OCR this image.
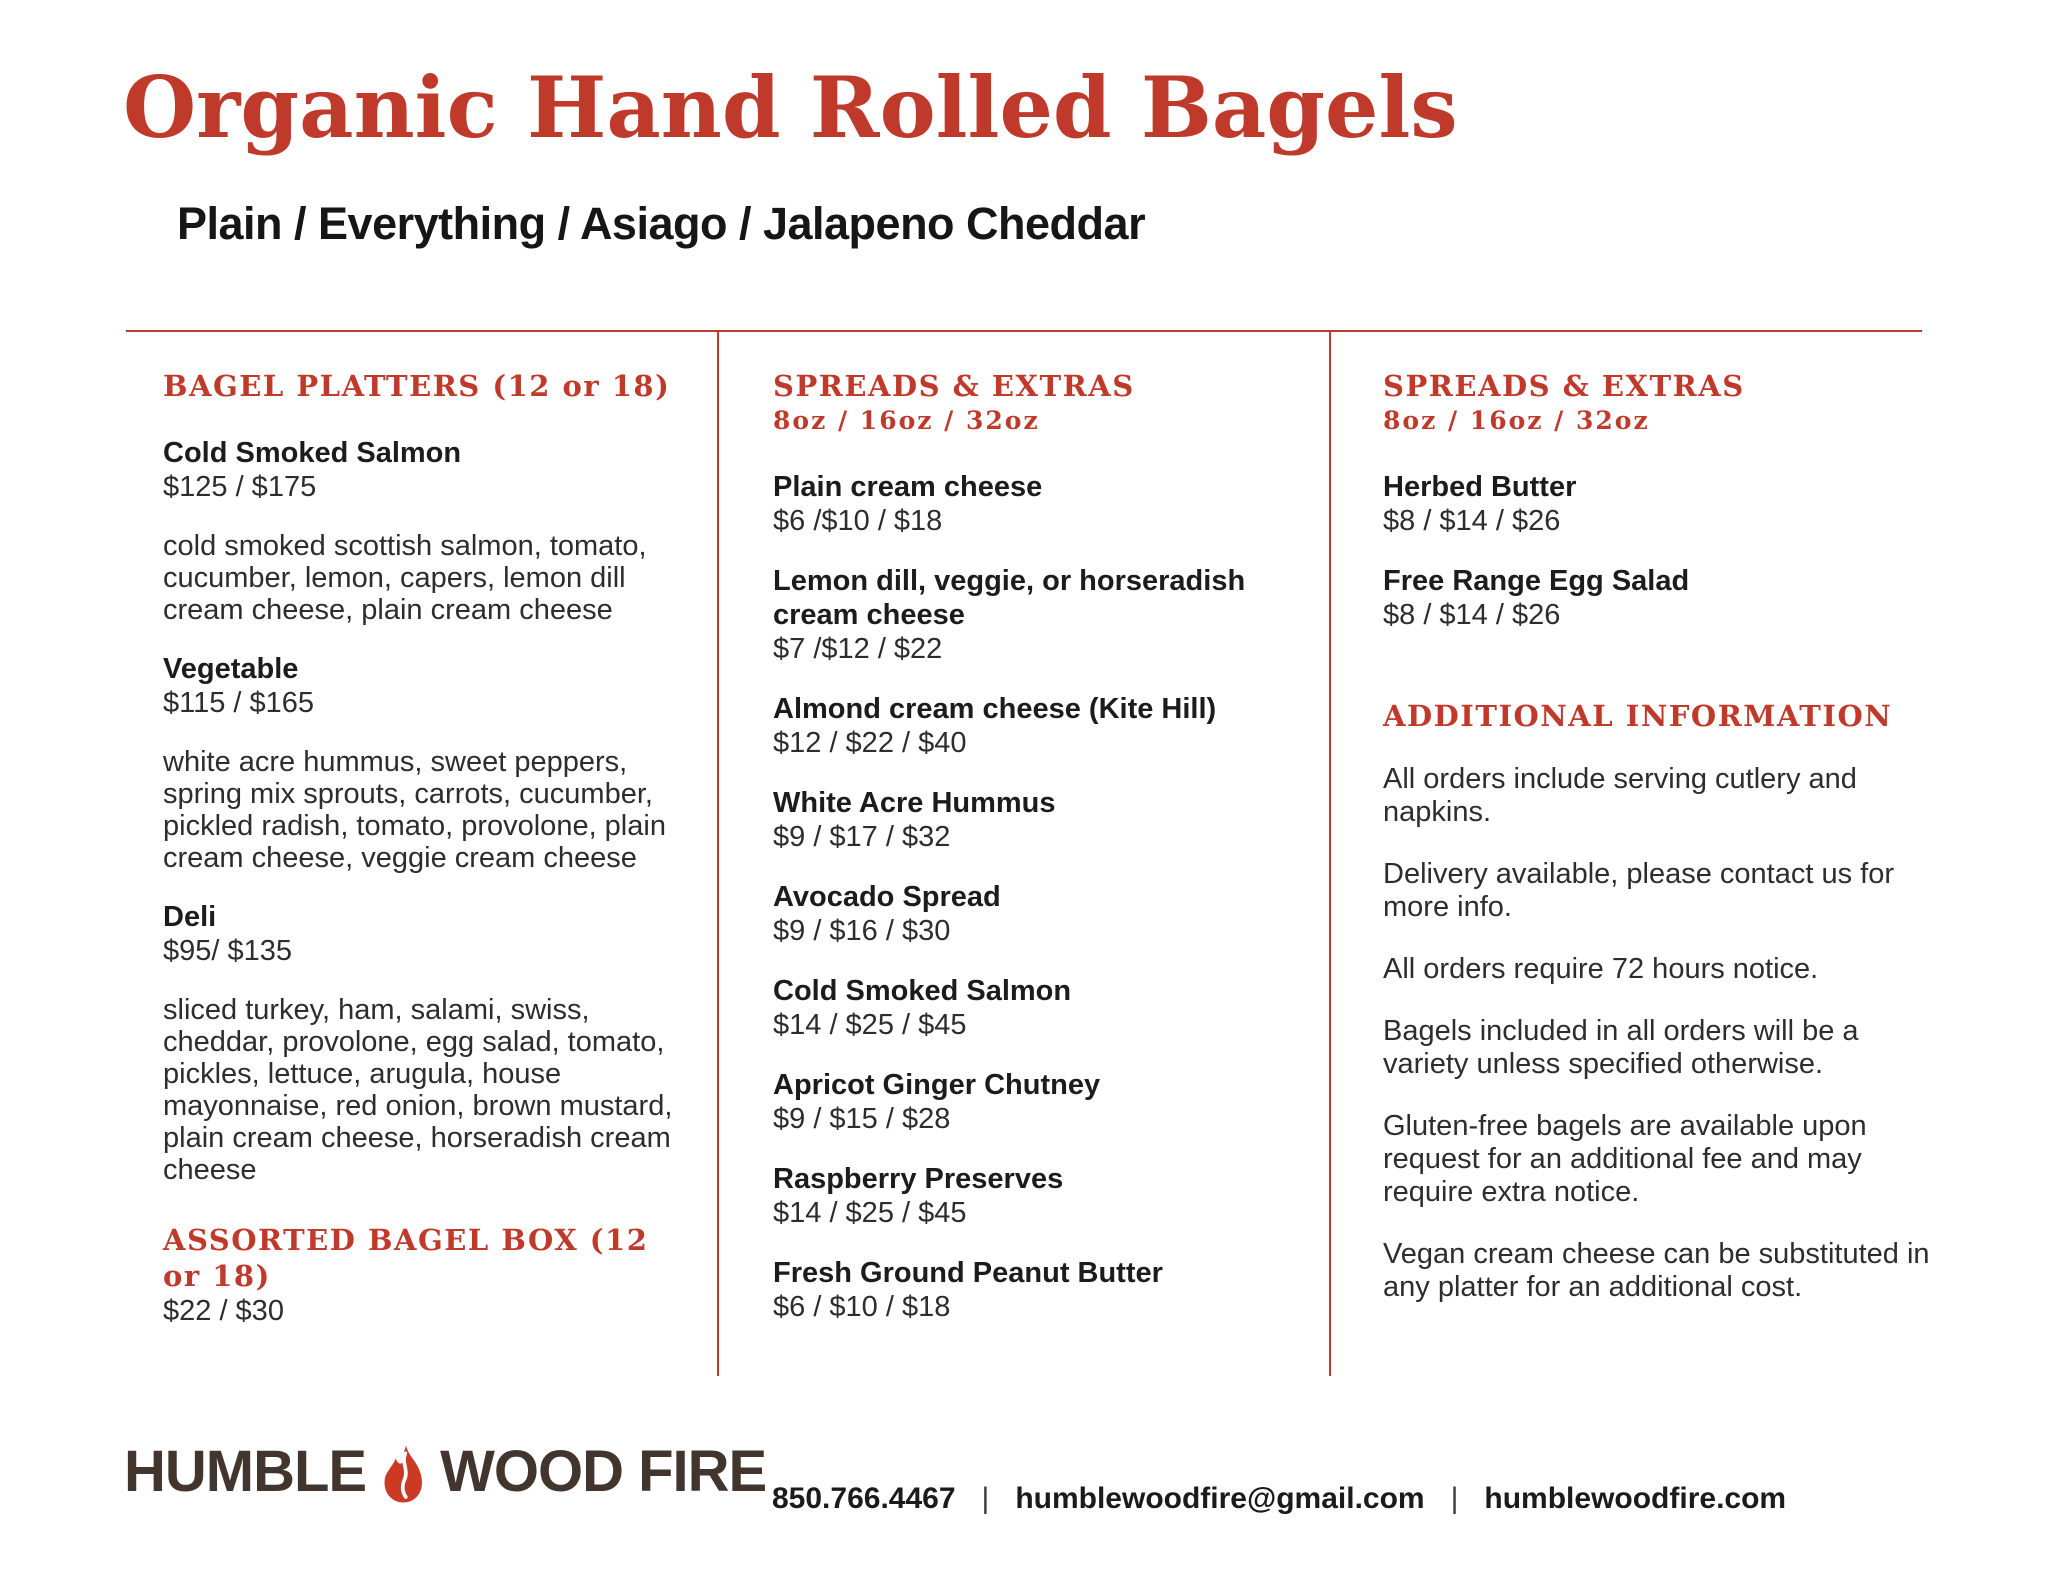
Organic Hand Rolled Bagels
Plain / Everything / Asiago / Jalapeno Cheddar
BAGEL PLATTERS (12 or 18)
Cold Smoked Salmon
$125 / $175
cold smoked scottish salmon, tomato, cucumber, lemon, capers, lemon dill cream cheese, plain cream cheese
Vegetable
$115 / $165
white acre hummus, sweet peppers, spring mix sprouts, carrots, cucumber, pickled radish, tomato, provolone, plain cream cheese, veggie cream cheese
Deli
$95/ $135
sliced turkey, ham, salami, swiss, cheddar, provolone, egg salad, tomato, pickles, lettuce, arugula, house mayonnaise, red onion, brown mustard, plain cream cheese, horseradish cream cheese
ASSORTED BAGEL BOX (12 or 18)
$22 / $30
SPREADS & EXTRAS
8oz / 16oz / 32oz
Plain cream cheese
$6 /$10 / $18
Lemon dill, veggie, or horseradish cream cheese
$7 /$12 / $22
Almond cream cheese (Kite Hill)
$12 / $22 / $40
White Acre Hummus
$9 / $17 / $32
Avocado Spread
$9 / $16 / $30
Cold Smoked Salmon
$14 / $25 / $45
Apricot Ginger Chutney
$9 / $15 / $28
Raspberry Preserves
$14 / $25 / $45
Fresh Ground Peanut Butter
$6 / $10 / $18
SPREADS & EXTRAS
8oz / 16oz / 32oz
Herbed Butter
$8 / $14 / $26
Free Range Egg Salad
$8 / $14 / $26
ADDITIONAL INFORMATION

All orders include serving cutlery and napkins.

Delivery available, please contact us for more info.

All orders require 72 hours notice.

Bagels included in all orders will be a variety unless specified otherwise.

Gluten-free bagels are available upon request for an additional fee and may require extra notice.

Vegan cream cheese can be substituted in any platter for an additional cost.

HUMBLE WOOD FIRE 850.766.4467 | humblewoodfire@gmail.com | humblewoodfire.com
